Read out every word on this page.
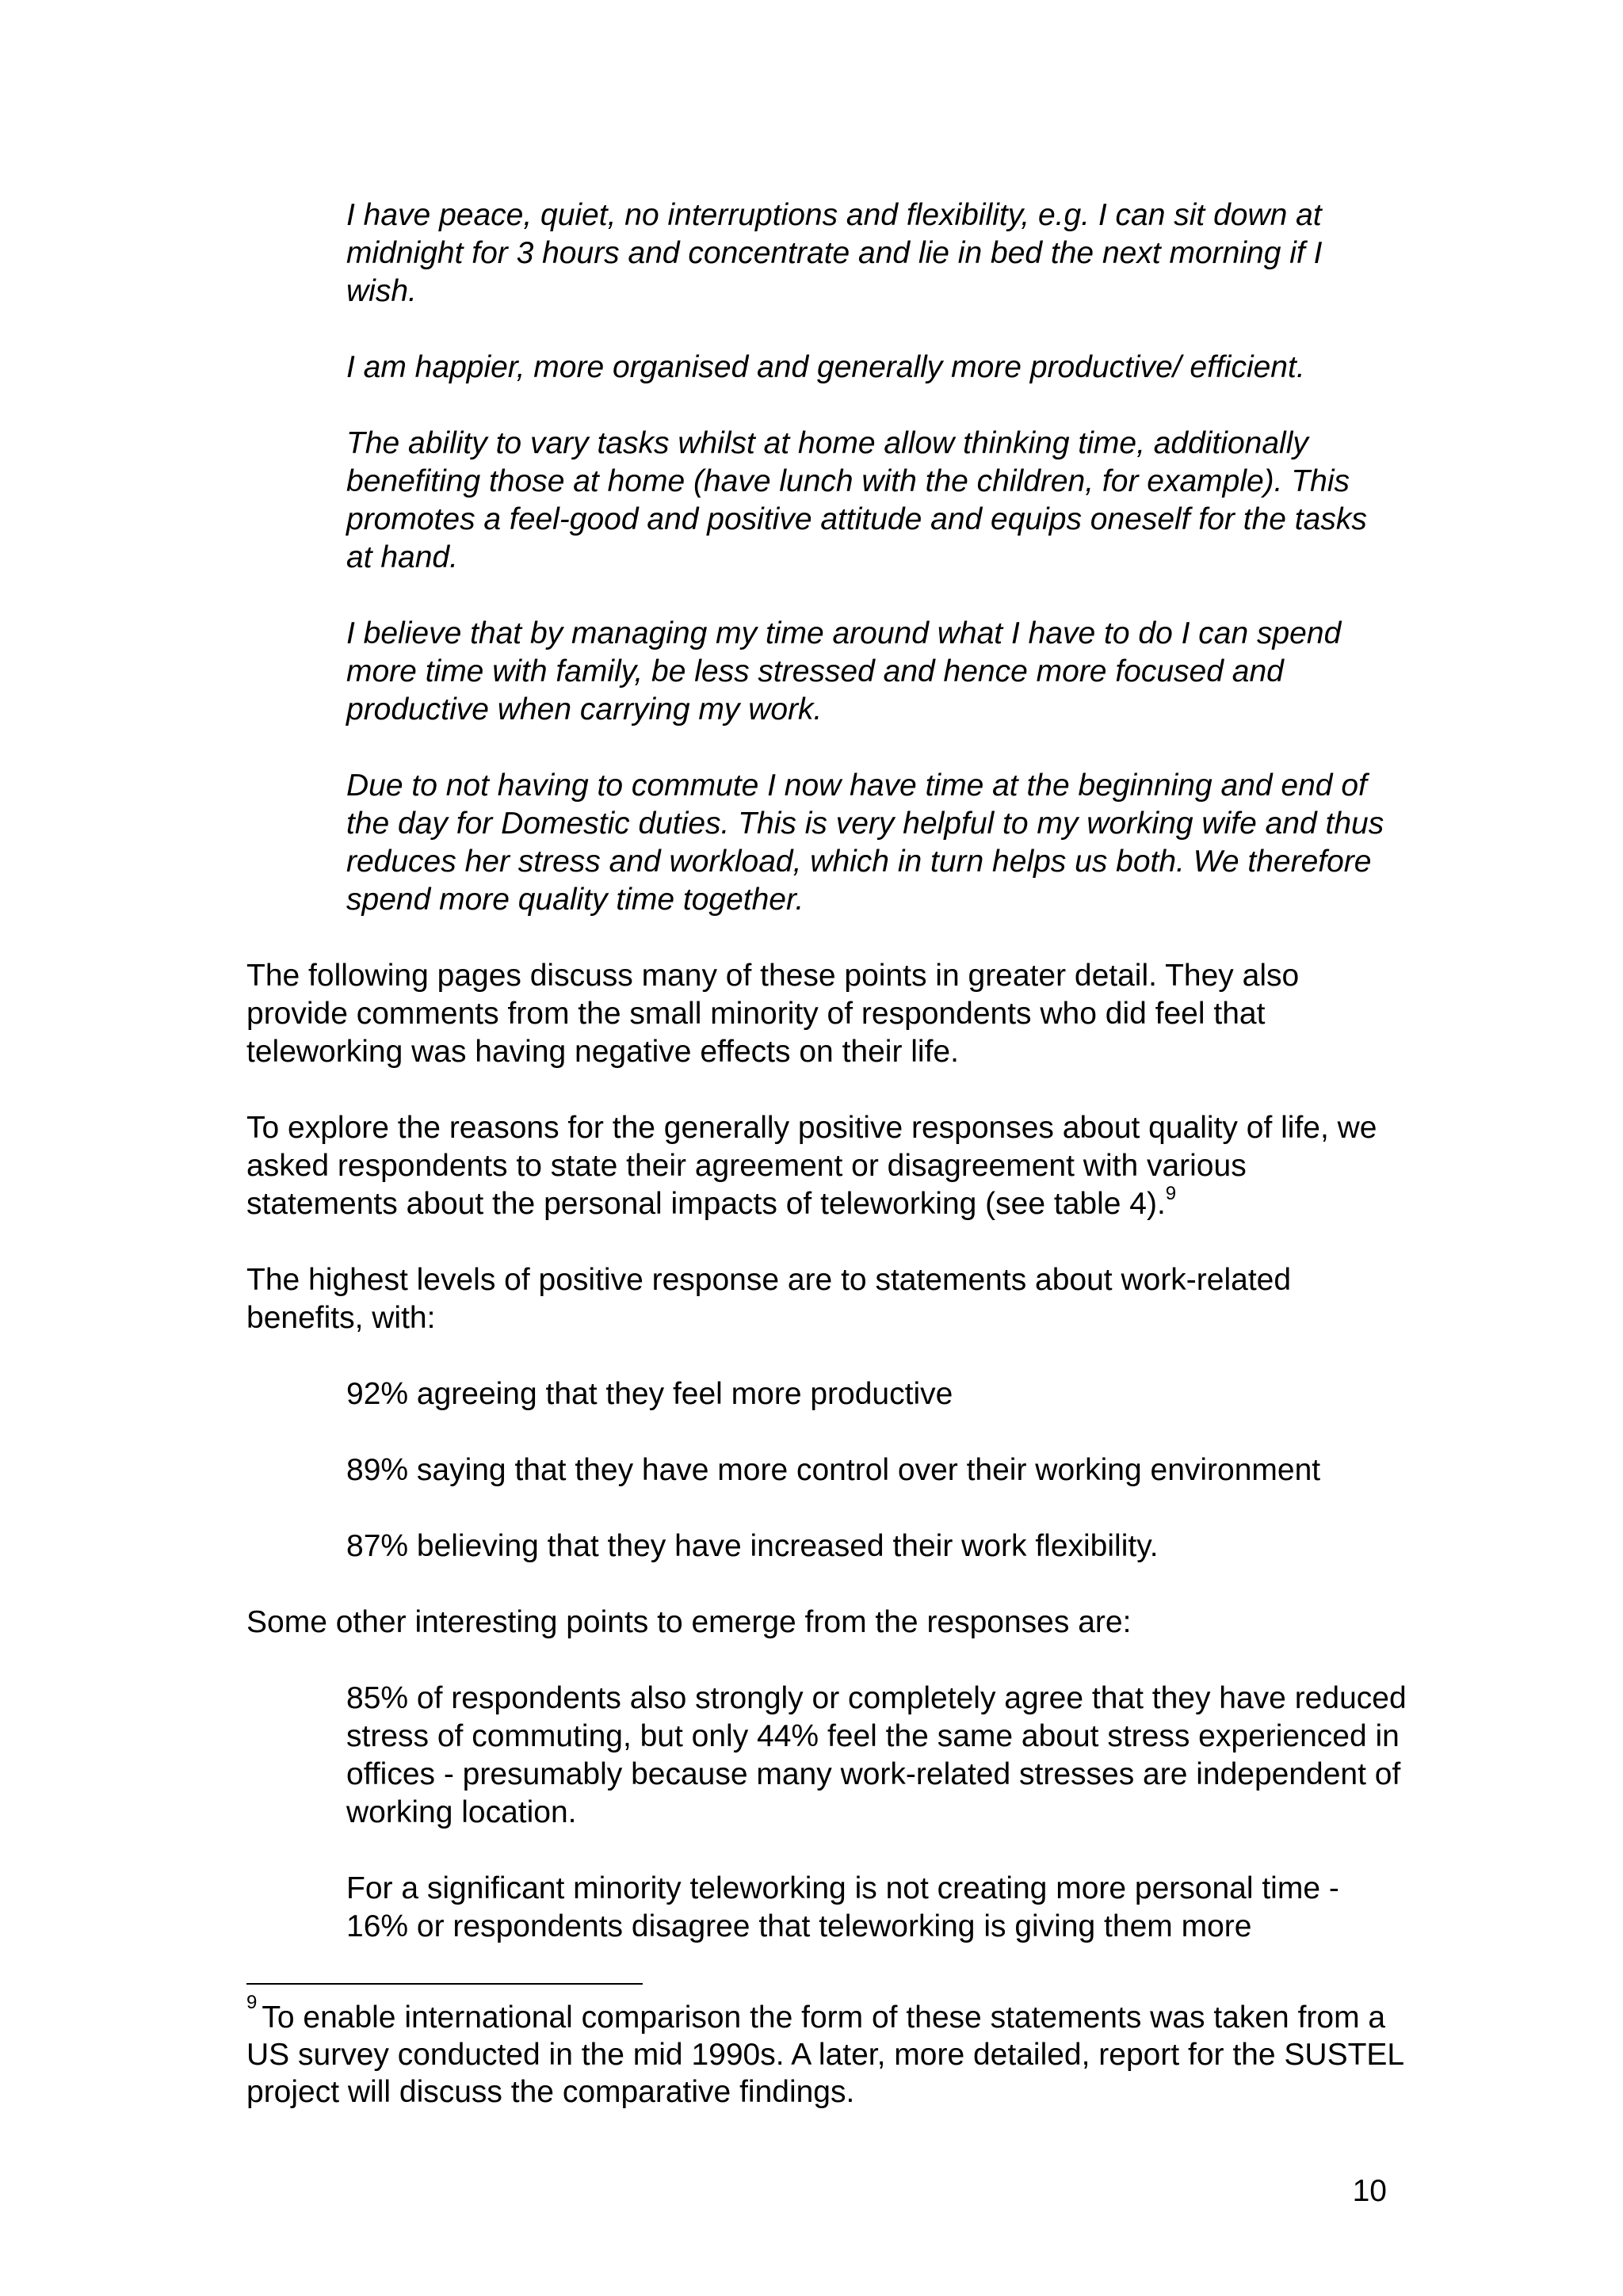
I have peace, quiet, no interruptions and flexibility, e.g. I can sit down at midnight for 3 hours and concentrate and lie in bed the next morning if I wish.

I am happier, more organised and generally more productive/ efficient.

The ability to vary tasks whilst at home allow thinking time, additionally benefiting those at home (have lunch with the children, for example). This promotes a feel-good and positive attitude and equips oneself for the tasks at hand.

I believe that by managing my time around what I have to do I can spend more time with family, be less stressed and hence more focused and productive when carrying my work.

Due to not having to commute I now have time at the beginning and end of the day for Domestic duties. This is very helpful to my working wife and thus reduces her stress and workload, which in turn helps us both. We therefore spend more quality time together.

The following pages discuss many of these points in greater detail. They also provide comments from the small minority of respondents who did feel that teleworking was having negative effects on their life.

To explore the reasons for the generally positive responses about quality of life, we asked respondents to state their agreement or disagreement with various statements about the personal impacts of teleworking (see table 4).$^9$

The highest levels of positive response are to statements about work-related benefits, with:

92% agreeing that they feel more productive

89% saying that they have more control over their working environment

87% believing that they have increased their work flexibility.

Some other interesting points to emerge from the responses are:

85% of respondents also strongly or completely agree that they have reduced stress of commuting, but only 44% feel the same about stress experienced in offices - presumably because many work-related stresses are independent of working location.

For a significant minority teleworking is not creating more personal time - 16% or respondents disagree that teleworking is giving them more

$^9$ To enable international comparison the form of these statements was taken from a US survey conducted in the mid 1990s. A later, more detailed, report for the SUSTEL project will discuss the comparative findings.

10
